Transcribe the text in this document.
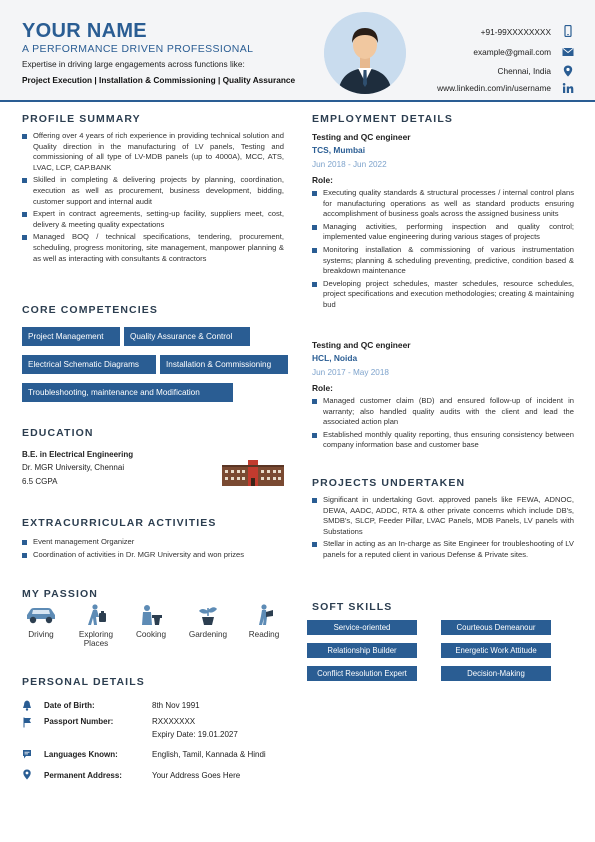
YOUR NAME
A PERFORMANCE DRIVEN PROFESSIONAL
Expertise in driving large engagements across functions like:
Project Execution | Installation & Commissioning | Quality Assurance
+91-99XXXXXXXX
example@gmail.com
Chennai, India
www.linkedin.com/in/username
PROFILE SUMMARY
Offering over 4 years of rich experience in providing technical solution and Quality direction in the manufacturing of LV panels, Testing and commissioning of all type of LV-MDB panels (up to 4000A), MCC, ATS, LVAC, LCP, CAP.BANK
Skilled in completing & delivering projects by planning, coordination, execution as well as procurement, business development, bidding, customer support and internal audit
Expert in contract agreements, setting-up facility, suppliers meet, cost, delivery & meeting quality expectations
Managed BOQ / technical specifications, tendering, procurement, scheduling, progress monitoring, site management, manpower planning & as well as interacting with consultants & contractors
CORE COMPETENCIES
Project Management	Quality Assurance & Control
Electrical Schematic Diagrams	Installation & Commissioning
Troubleshooting, maintenance and Modification
EDUCATION
B.E. in Electrical Engineering
Dr. MGR University, Chennai
6.5 CGPA
EXTRACURRICULAR ACTIVITIES
Event management Organizer
Coordination of activities in Dr. MGR University and won prizes
MY PASSION
Driving	Exploring Places
Cooking	Gardening	Reading
PERSONAL DETAILS
Date of Birth:	8th Nov 1991
Passport Number:	RXXXXXXX
Expiry Date: 19.01.2027
Languages Known:	English, Tamil, Kannada & Hindi
Permanent Address:	Your Address Goes Here
EMPLOYMENT DETAILS
Testing and QC engineer
TCS, Mumbai
Jun 2018 - Jun 2022
Role:
Executing quality standards & structural processes / internal control plans for manufacturing operations as well as standard products ensuring accomplishment of business goals across the assigned business units
Managing activities, performing inspection and quality control; implemented value engineering during various stages of projects
Monitoring installation & commissioning of various instrumentation systems; planning & scheduling preventing, predictive, condition based & breakdown maintenance
Developing project schedules, master schedules, resource schedules, project specifications and execution methodologies; creating & maintaining bud
Testing and QC engineer
HCL, Noida
Jun 2017 - May 2018
Role:
Managed customer claim (BD) and ensured follow-up of incident in warranty; also handled quality audits with the client and lead the associated action plan
Established monthly quality reporting, thus ensuring consistency between company information base and customer base
PROJECTS UNDERTAKEN
Significant in undertaking Govt. approved panels like FEWA, ADNOC, DEWA, AADC, ADDC, RTA & other private concerns which include DB's, SMDB's, SLCP, Feeder Pillar, LVAC Panels, MDB Panels, LV panels with Substations
Stellar in acting as an In-charge as Site Engineer for troubleshooting of LV panels for a reputed client in various Defense & Private sites.
SOFT SKILLS
Service-oriented	Courteous Demeanour
Relationship Builder	Energetic Work Attitude
Conflict Resolution Expert	Decision-Making
